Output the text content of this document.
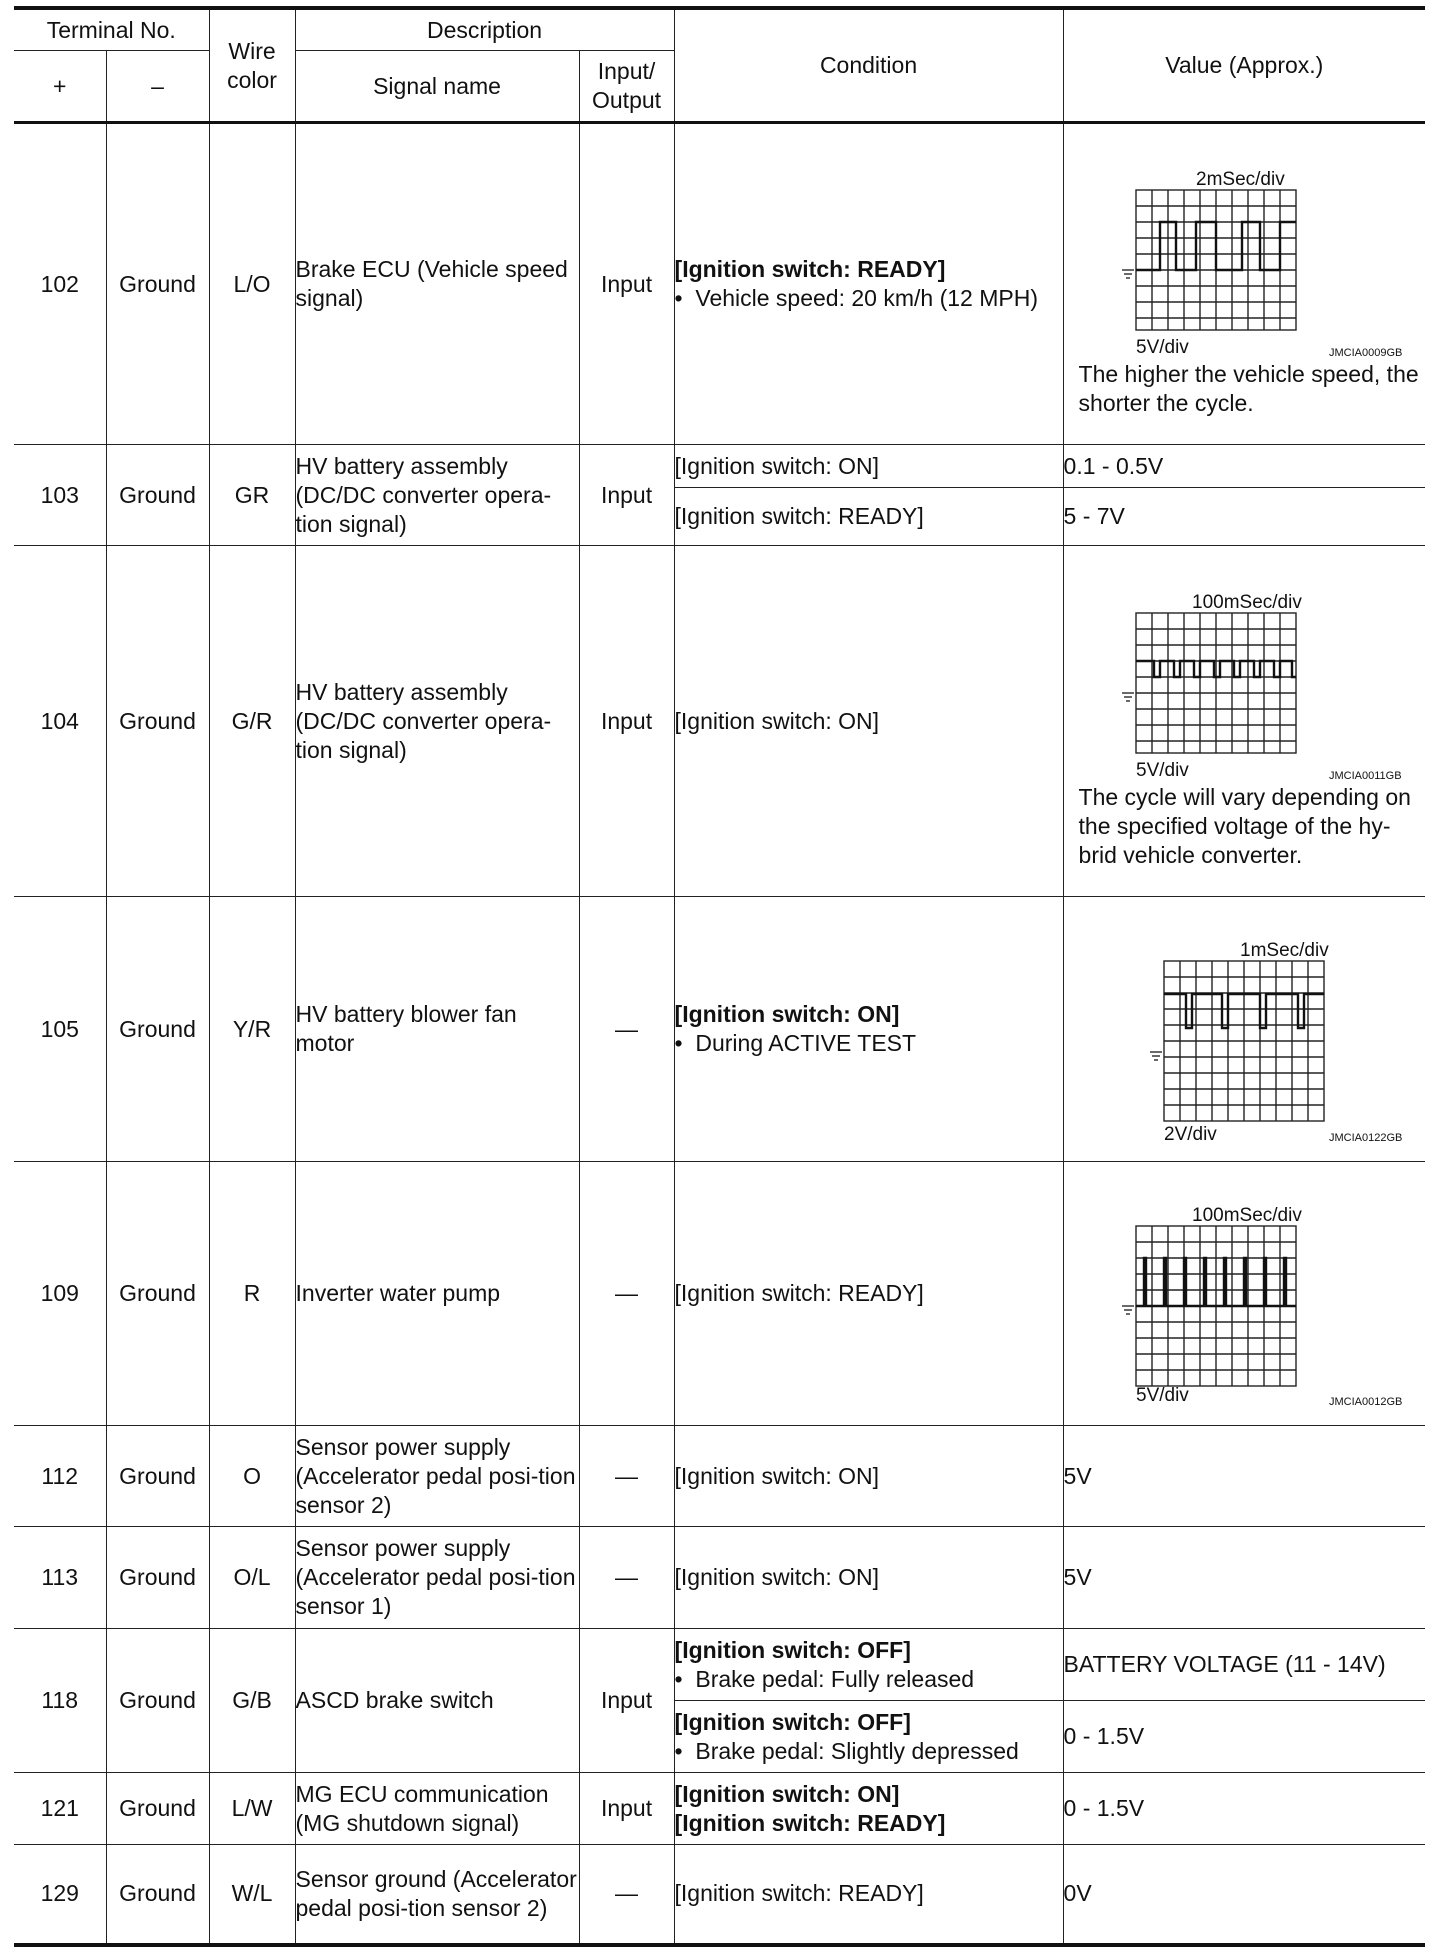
Terminal No.		Wire color	Description		Condition	Value (Approx.)
+	–		Signal name	Input/ Output		
102	Ground	L/O	Brake ECU (Vehicle speed signal)	Input	[Ignition switch: READY]
•  Vehicle speed: 20 km/h (12 MPH)	2mSec/div
5V/div JMCIA0009GB
The higher the vehicle speed, the shorter the cycle.

103	Ground	GR	HV battery assembly (DC/DC converter opera-tion signal)	Input	[Ignition switch: ON]	0.1 - 0.5V
					[Ignition switch: READY]	5 - 7V
104	Ground	G/R	HV battery assembly (DC/DC converter opera-tion signal)	Input	[Ignition switch: ON]	100mSec/div
5V/div JMCIA0011GB
The cycle will vary depending on the specified voltage of the hy-brid vehicle converter.

105	Ground	Y/R	HV battery blower fan motor	—	[Ignition switch: ON]
•  During ACTIVE TEST	1mSec/div
2V/div JMCIA0122GB

109	Ground	R	Inverter water pump	—	[Ignition switch: READY]	100mSec/div
5V/div JMCIA0012GB

112	Ground	O	Sensor power supply (Accelerator pedal posi-tion sensor 2)	—	[Ignition switch: ON]	5V
113	Ground	O/L	Sensor power supply (Accelerator pedal posi-tion sensor 1)	—	[Ignition switch: ON]	5V
118	Ground	G/B	ASCD brake switch	Input	[Ignition switch: OFF]
•  Brake pedal: Fully released	BATTERY VOLTAGE (11 - 14V)
					[Ignition switch: OFF]
•  Brake pedal: Slightly depressed	0 - 1.5V
121	Ground	L/W	MG ECU communication (MG shutdown signal)	Input	[Ignition switch: ON]
[Ignition switch: READY]	0 - 1.5V
129	Ground	W/L	Sensor ground (Accelerator pedal posi-tion sensor 2)	—	[Ignition switch: READY]	0V
